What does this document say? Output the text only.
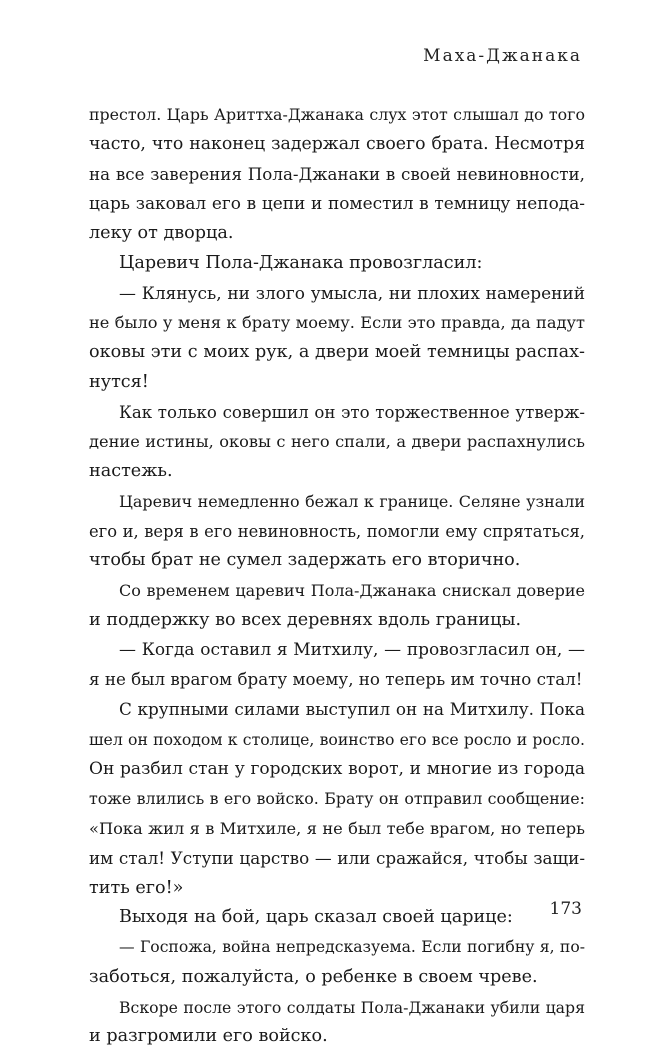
Маха-Джанака
престол. Царь Ариттха-Джанака слух этот слышал до того
часто, что наконец задержал своего брата. Несмотря
на все заверения Пола-Джанаки в своей невиновности,
царь заковал его в цепи и поместил в темницу непода-
леку от дворца.
Царевич Пола-Джанака провозгласил:
— Клянусь, ни злого умысла, ни плохих намерений
не было у меня к брату моему. Если это правда, да падут
оковы эти с моих рук, а двери моей темницы распах-
нутся!
Как только совершил он это торжественное утверж-
дение истины, оковы с него спали, а двери распахнулись
настежь.
Царевич немедленно бежал к границе. Селяне узнали
его и, веря в его невиновность, помогли ему спрятаться,
чтобы брат не сумел задержать его вторично.
Со временем царевич Пола-Джанака снискал доверие
и поддержку во всех деревнях вдоль границы.
— Когда оставил я Митхилу, — провозгласил он, —
я не был врагом брату моему, но теперь им точно стал!
С крупными силами выступил он на Митхилу. Пока
шел он походом к столице, воинство его все росло и росло.
Он разбил стан у городских ворот, и многие из города
тоже влились в его войско. Брату он отправил сообщение:
«Пока жил я в Митхиле, я не был тебе врагом, но теперь
им стал! Уступи царство — или сражайся, чтобы защи-
тить его!»
Выходя на бой, царь сказал своей царице:
— Госпожа, война непредсказуема. Если погибну я, по-
заботься, пожалуйста, о ребенке в своем чреве.
Вскоре после этого солдаты Пола-Джанаки убили царя
и разгромили его войско.
173
